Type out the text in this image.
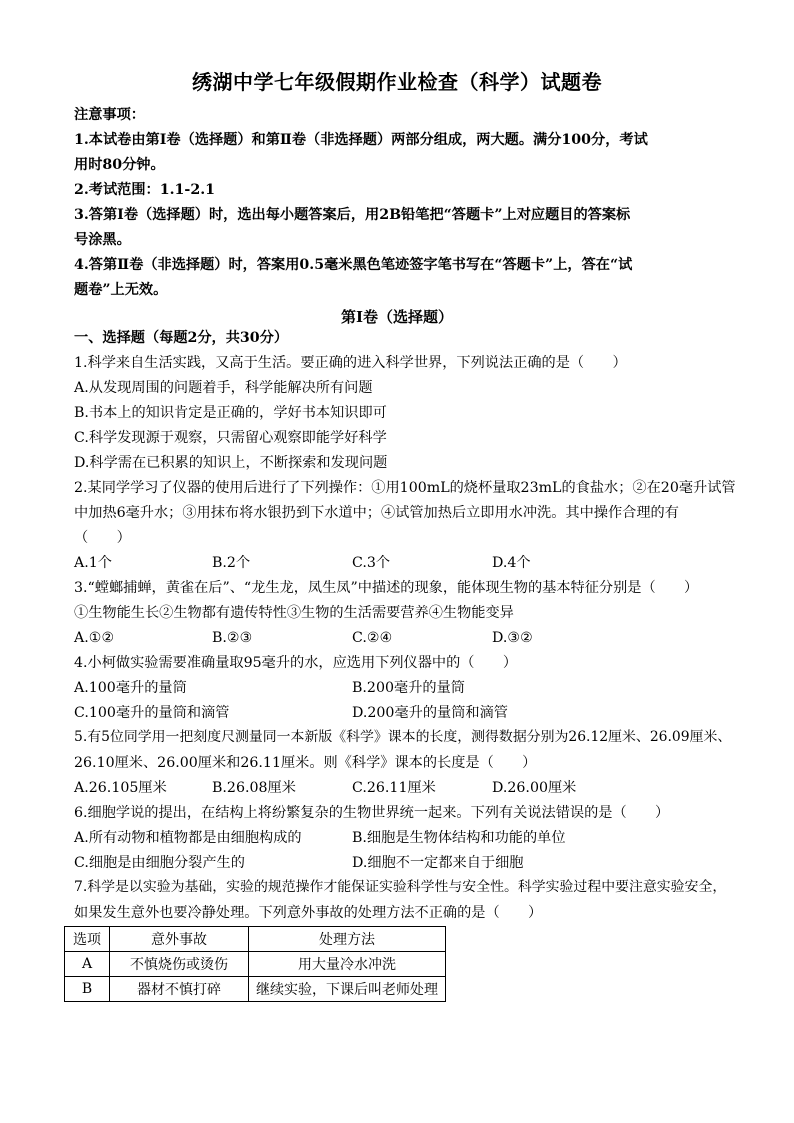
绣湖中学七年级假期作业检查（科学）试题卷
注意事项：
1.本试卷由第Ⅰ卷（选择题）和第Ⅱ卷（非选择题）两部分组成，两大题。满分100分，考试
用时80分钟。
2.考试范围：1.1-2.1
3.答第Ⅰ卷（选择题）时，选出每小题答案后，用2B铅笔把“答题卡”上对应题目的答案标
号涂黑。
4.答第Ⅱ卷（非选择题）时，答案用0.5毫米黑色笔迹签字笔书写在“答题卡”上，答在“试
题卷”上无效。
第Ⅰ卷（选择题）
一、选择题（每题2分，共30分）
1.科学来自生活实践，又高于生活。要正确的进入科学世界，下列说法正确的是（　　）
A.从发现周围的问题着手，科学能解决所有问题
B.书本上的知识肯定是正确的，学好书本知识即可
C.科学发现源于观察，只需留心观察即能学好科学
D.科学需在已积累的知识上，不断探索和发现问题
2.某同学学习了仪器的使用后进行了下列操作：①用100mL的烧杯量取23mL的食盐水；②在20毫升试管
中加热6毫升水；③用抹布将水银扔到下水道中；④试管加热后立即用水冲洗。其中操作合理的有
（　　）
A.1个	B.2个	C.3个	D.4个
3.“螳螂捕蝉，黄雀在后”、“龙生龙，凤生凤”中描述的现象，能体现生物的基本特征分别是（　　）
①生物能生长②生物都有遗传特性③生物的生活需要营养④生物能变异
A.①②	B.②③	C.②④	D.③②
4.小柯做实验需要准确量取95毫升的水，应选用下列仪器中的（　　）
A.100毫升的量筒	B.200毫升的量筒
C.100毫升的量筒和滴管	D.200毫升的量筒和滴管
5.有5位同学用一把刻度尺测量同一本新版《科学》课本的长度，测得数据分别为26.12厘米、26.09厘米、
26.10厘米、26.00厘米和26.11厘米。则《科学》课本的长度是（　　）
A.26.105厘米	B.26.08厘米	C.26.11厘米	D.26.00厘米
6.细胞学说的提出，在结构上将纷繁复杂的生物世界统一起来。下列有关说法错误的是（　　）
A.所有动物和植物都是由细胞构成的	B.细胞是生物体结构和功能的单位
C.细胞是由细胞分裂产生的	D.细胞不一定都来自于细胞
7.科学是以实验为基础，实验的规范操作才能保证实验科学性与安全性。科学实验过程中要注意实验安全，
如果发生意外也要冷静处理。下列意外事故的处理方法不正确的是（　　）
选项	意外事故	处理方法
A	不慎烧伤或烫伤	用大量冷水冲洗
B	器材不慎打碎	继续实验，下课后叫老师处理
